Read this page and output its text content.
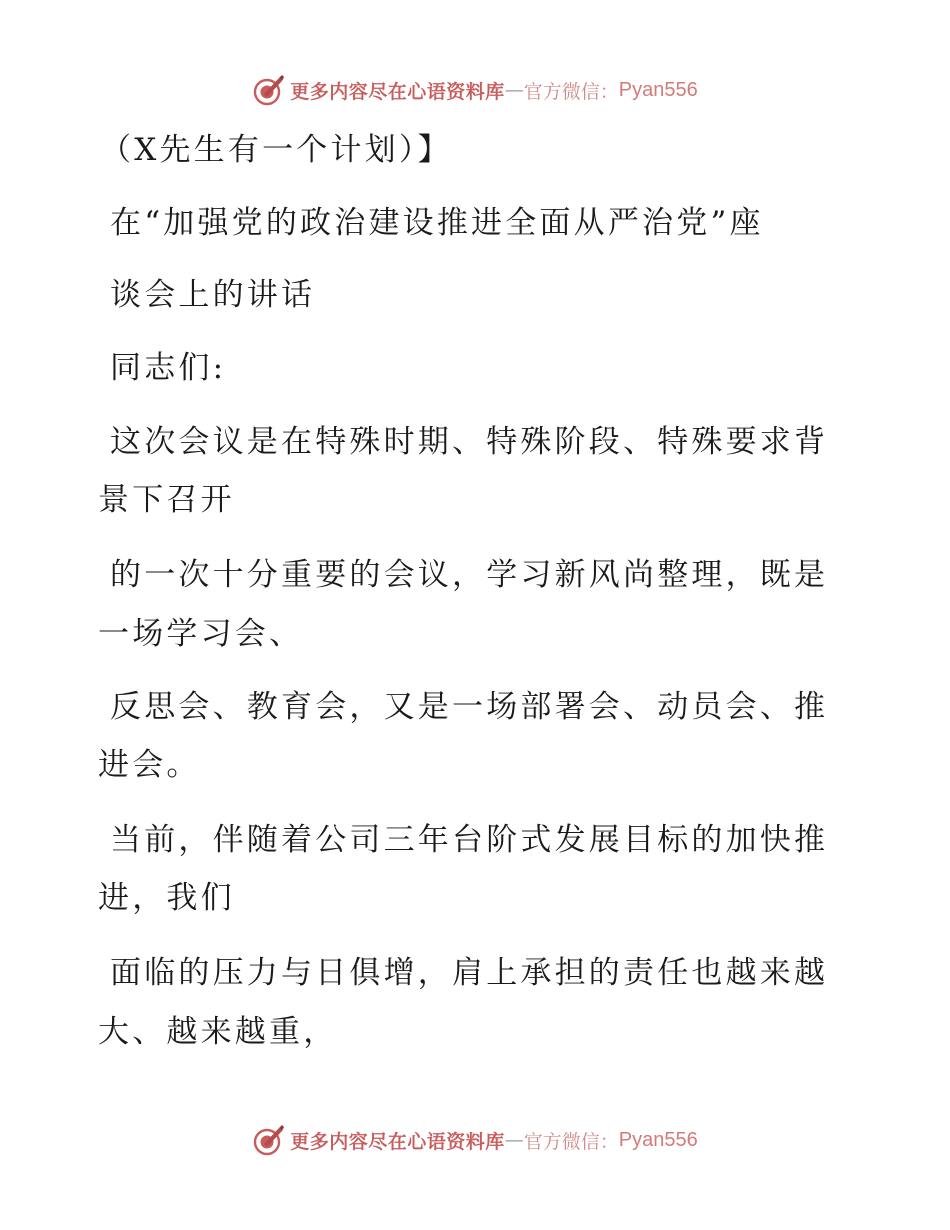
更多内容尽在心语资料库 — 官方微信： Pyan556
（X先生有一个计划）】
在“加强党的政治建设推进全面从严治党”座
谈会上的讲话
同志们:
这次会议是在特殊时期、特殊阶段、特殊要求背
景下召开
的一次十分重要的会议，学习新风尚整理，既是
一场学习会、
反思会、教育会，又是一场部署会、动员会、推
进会。
当前，伴随着公司三年台阶式发展目标的加快推
进，我们
面临的压力与日俱增，肩上承担的责任也越来越
大、越来越重，
更多内容尽在心语资料库 — 官方微信： Pyan556
